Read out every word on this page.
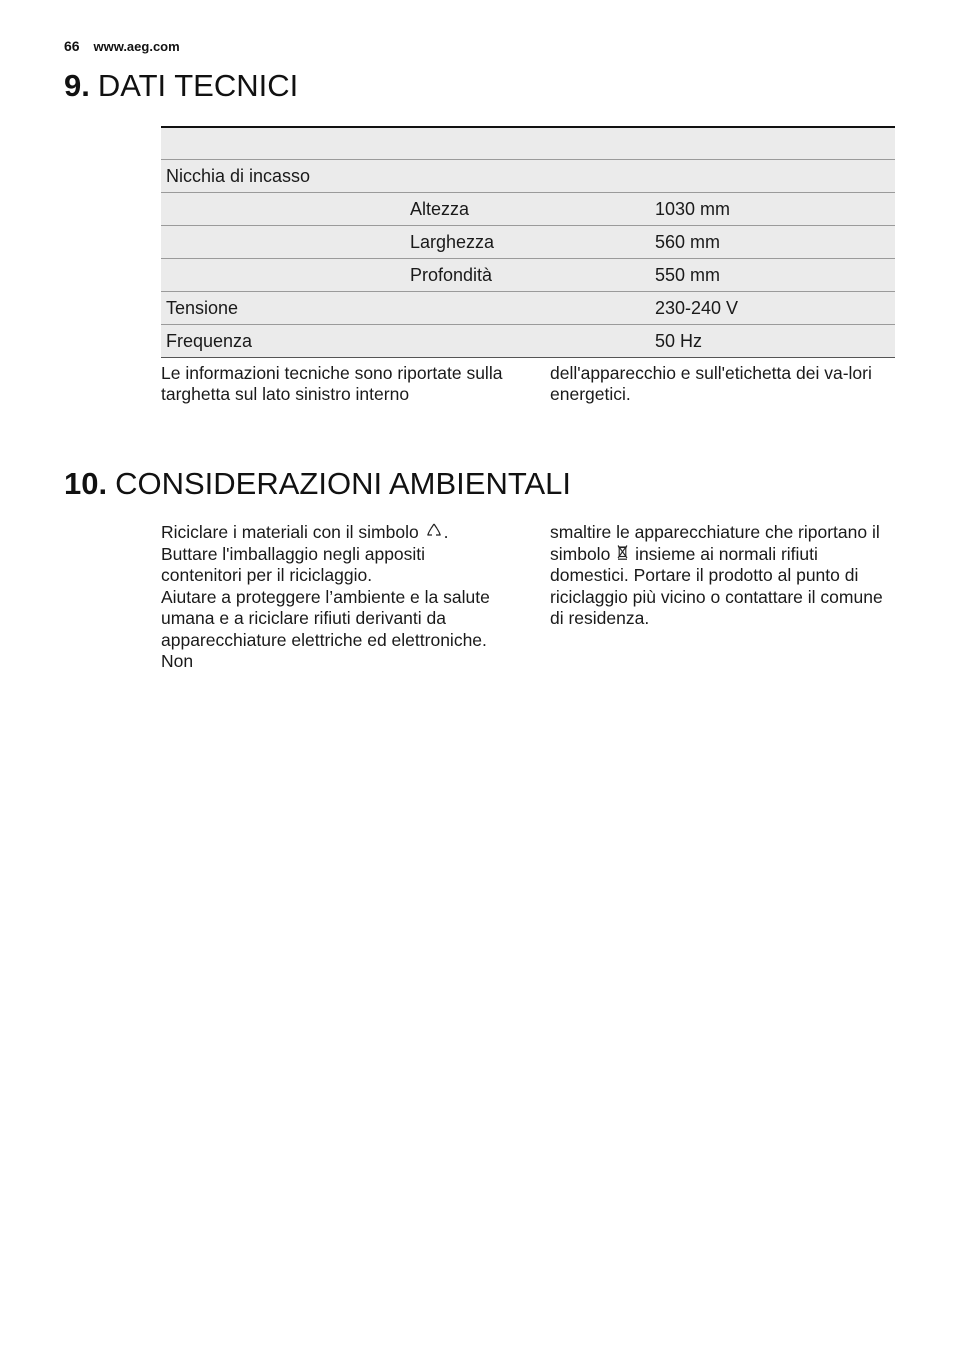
66 www.aeg.com
9. DATI TECNICI

Nicchia di incasso		
	Altezza	1030 mm
	Larghezza	560 mm
	Profondità	550 mm
Tensione		230-240 V
Frequenza		50 Hz
Le informazioni tecniche sono riportate sulla targhetta sul lato sinistro interno
dell'apparecchio e sull'etichetta dei va-lori energetici.
10. CONSIDERAZIONI AMBIENTALI
Riciclare i materiali con il simbolo . Buttare l'imballaggio negli appositi contenitori per il riciclaggio.
Aiutare a proteggere l’ambiente e la salute umana e a riciclare rifiuti derivanti da apparecchiature elettriche ed elettroniche. Non
smaltire le apparecchiature che riportano il simbolo insieme ai normali rifiuti domestici. Portare il prodotto al punto di riciclaggio più vicino o contattare il comune di residenza.
